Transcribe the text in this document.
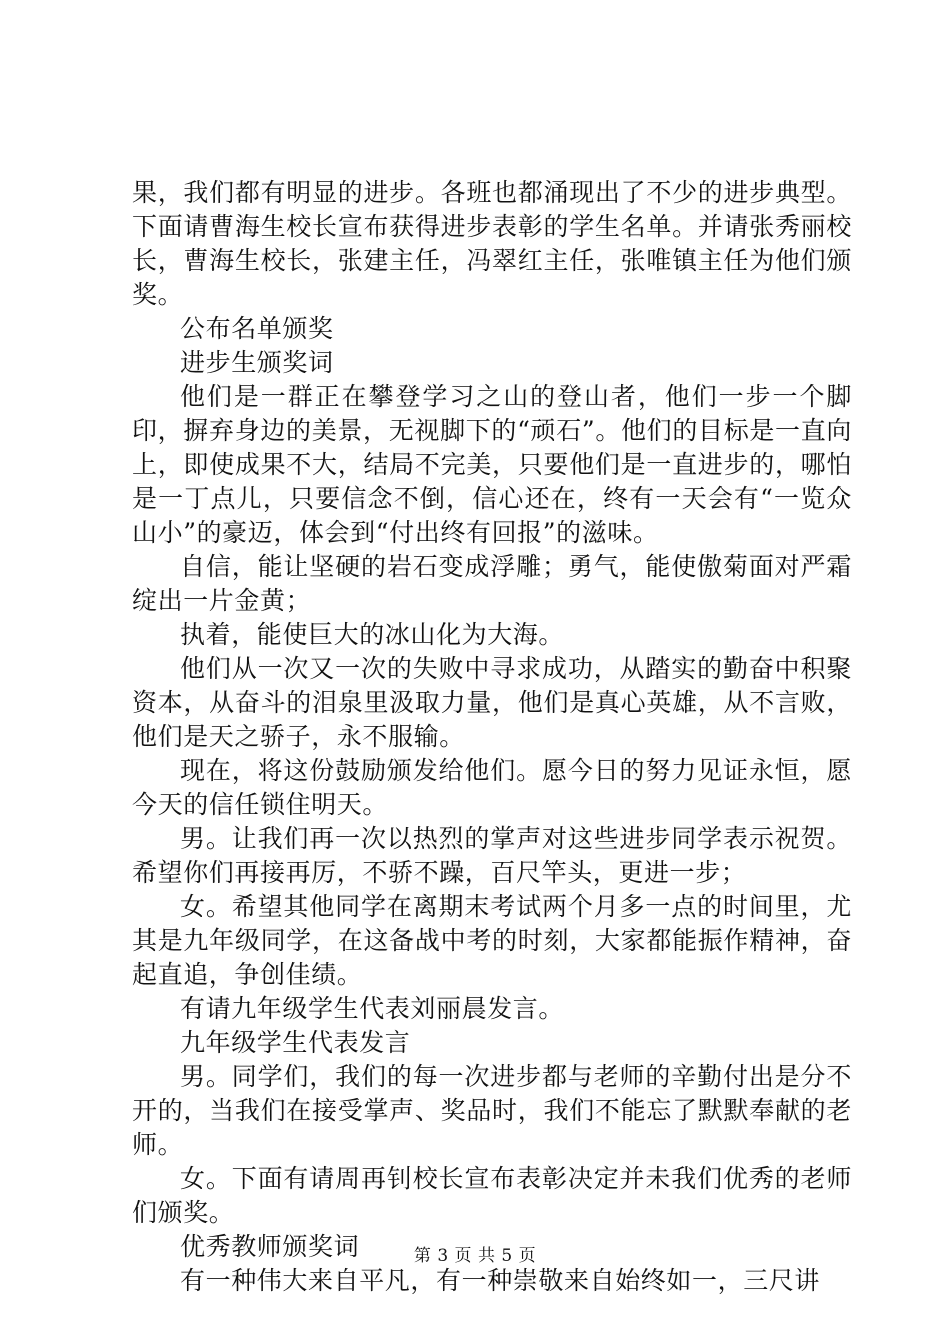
果，我们都有明显的进步。各班也都涌现出了不少的进步典型。下面请曹海生校长宣布获得进步表彰的学生名单。并请张秀丽校长，曹海生校长，张建主任，冯翠红主任，张唯镇主任为他们颁奖。

公布名单颁奖

进步生颁奖词

他们是一群正在攀登学习之山的登山者，他们一步一个脚印，摒弃身边的美景，无视脚下的“顽石”。他们的目标是一直向上，即使成果不大，结局不完美，只要他们是一直进步的，哪怕是一丁点儿，只要信念不倒，信心还在，终有一天会有“一览众山小”的豪迈，体会到“付出终有回报”的滋味。

自信，能让坚硬的岩石变成浮雕；勇气，能使傲菊面对严霜绽出一片金黄；

执着，能使巨大的冰山化为大海。

他们从一次又一次的失败中寻求成功，从踏实的勤奋中积聚资本，从奋斗的泪泉里汲取力量，他们是真心英雄，从不言败，他们是天之骄子，永不服输。

现在，将这份鼓励颁发给他们。愿今日的努力见证永恒，愿今天的信任锁住明天。

男。让我们再一次以热烈的掌声对这些进步同学表示祝贺。希望你们再接再厉，不骄不躁，百尺竿头，更进一步；

女。希望其他同学在离期末考试两个月多一点的时间里，尤其是九年级同学，在这备战中考的时刻，大家都能振作精神，奋起直追，争创佳绩。

有请九年级学生代表刘丽晨发言。

九年级学生代表发言

男。同学们，我们的每一次进步都与老师的辛勤付出是分不开的，当我们在接受掌声、奖品时，我们不能忘了默默奉献的老师。

女。下面有请周再钊校长宣布表彰决定并未我们优秀的老师们颁奖。

优秀教师颁奖词

有一种伟大来自平凡，有一种崇敬来自始终如一，三尺讲

第 3 页 共 5 页
